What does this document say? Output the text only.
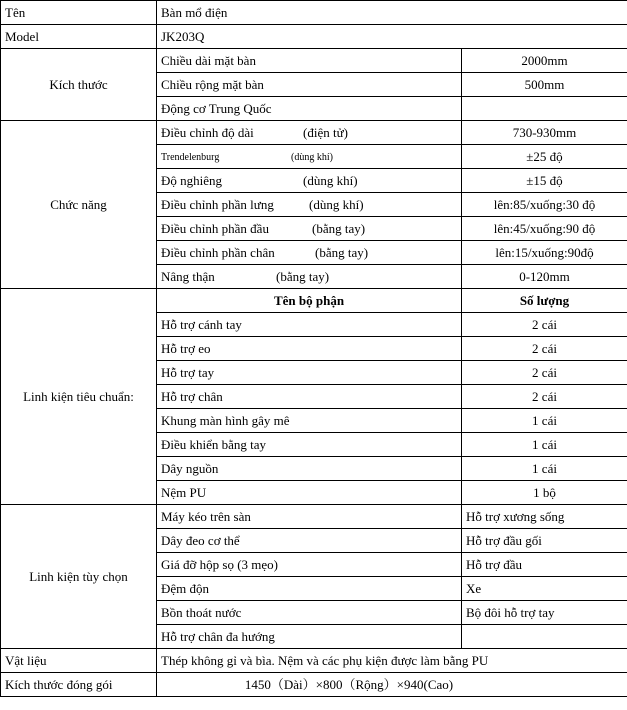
Tên	Bàn mổ điện	
Model	JK203Q	
Kích thước	Chiều dài mặt bàn	2000mm
	Chiều rộng mặt bàn	500mm
	Động cơ Trung Quốc	
Chức năng	Điều chỉnh độ dài (điện tử)	730-930mm
	Trendelenburg (dùng khí)	±25 độ
	Độ nghiêng (dùng khí)	±15 độ
	Điều chỉnh phần lưng (dùng khí)	lên:85/xuống:30 độ
	Điều chỉnh phần đầu (bằng tay)	lên:45/xuống:90 độ
	Điều chỉnh phần chân (bằng tay)	lên:15/xuống:90độ
	Nâng thận (bằng tay)	0-120mm
Linh kiện tiêu chuẩn:	Tên bộ phận	Số lượng
	Hỗ trợ cánh tay	2 cái
	Hỗ trợ eo	2 cái
	Hỗ trợ tay	2 cái
	Hỗ trợ chân	2 cái
	Khung màn hình gây mê	1 cái
	Điều khiển bằng tay	1 cái
	Dây nguồn	1 cái
	Nệm PU	1 bộ
Linh kiện tùy chọn	Máy kéo trên sàn	Hỗ trợ xương sống
	Dây đeo cơ thể	Hỗ trợ đầu gối
	Giá đỡ hộp sọ (3 mẹo)	Hỗ trợ đầu
	Đệm độn	Xe
	Bồn thoát nước	Bộ đôi hỗ trợ tay
	Hỗ trợ chân đa hướng	
Vật liệu	Thép không gỉ và bìa. Nệm và các phụ kiện được làm bằng PU	
Kích thước đóng gói	1450（Dài）×800（Rộng）×940(Cao)	
